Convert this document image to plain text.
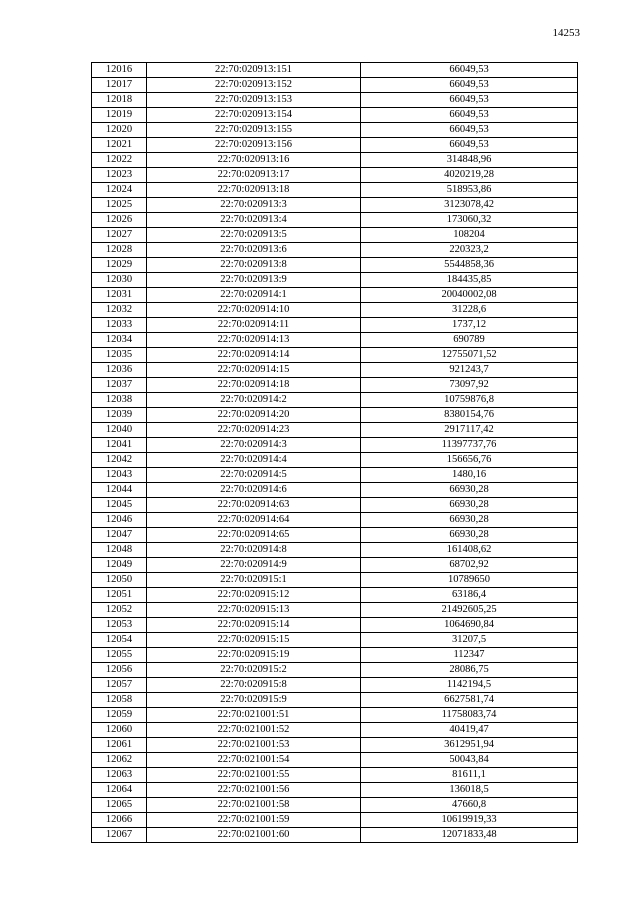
14253
12016	22:70:020913:151	66049,53
12017	22:70:020913:152	66049,53
12018	22:70:020913:153	66049,53
12019	22:70:020913:154	66049,53
12020	22:70:020913:155	66049,53
12021	22:70:020913:156	66049,53
12022	22:70:020913:16	314848,96
12023	22:70:020913:17	4020219,28
12024	22:70:020913:18	518953,86
12025	22:70:020913:3	3123078,42
12026	22:70:020913:4	173060,32
12027	22:70:020913:5	108204
12028	22:70:020913:6	220323,2
12029	22:70:020913:8	5544858,36
12030	22:70:020913:9	184435,85
12031	22:70:020914:1	20040002,08
12032	22:70:020914:10	31228,6
12033	22:70:020914:11	1737,12
12034	22:70:020914:13	690789
12035	22:70:020914:14	12755071,52
12036	22:70:020914:15	921243,7
12037	22:70:020914:18	73097,92
12038	22:70:020914:2	10759876,8
12039	22:70:020914:20	8380154,76
12040	22:70:020914:23	2917117,42
12041	22:70:020914:3	11397737,76
12042	22:70:020914:4	156656,76
12043	22:70:020914:5	1480,16
12044	22:70:020914:6	66930,28
12045	22:70:020914:63	66930,28
12046	22:70:020914:64	66930,28
12047	22:70:020914:65	66930,28
12048	22:70:020914:8	161408,62
12049	22:70:020914:9	68702,92
12050	22:70:020915:1	10789650
12051	22:70:020915:12	63186,4
12052	22:70:020915:13	21492605,25
12053	22:70:020915:14	1064690,84
12054	22:70:020915:15	31207,5
12055	22:70:020915:19	112347
12056	22:70:020915:2	28086,75
12057	22:70:020915:8	1142194,5
12058	22:70:020915:9	6627581,74
12059	22:70:021001:51	11758083,74
12060	22:70:021001:52	40419,47
12061	22:70:021001:53	3612951,94
12062	22:70:021001:54	50043,84
12063	22:70:021001:55	81611,1
12064	22:70:021001:56	136018,5
12065	22:70:021001:58	47660,8
12066	22:70:021001:59	10619919,33
12067	22:70:021001:60	12071833,48
